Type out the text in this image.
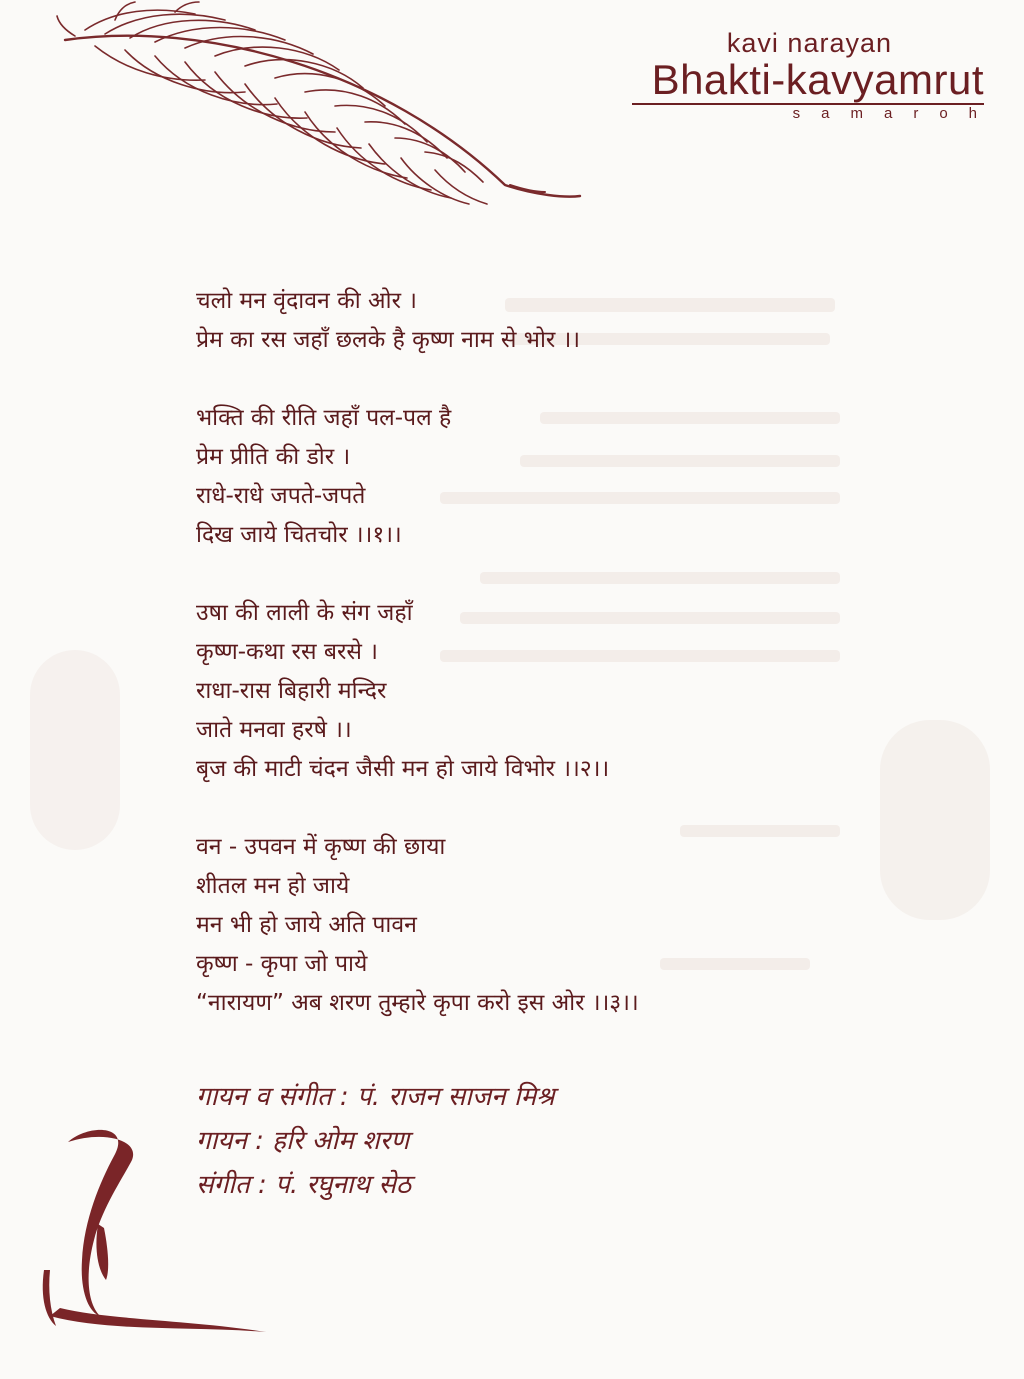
kavi narayan
Bhakti-kavyamrut
samaroh
चलो मन वृंदावन की ओर ।
प्रेम का रस जहाँ छलके है कृष्ण नाम से भोर ।।
भक्ति की रीति जहाँ पल-पल है
प्रेम प्रीति की डोर ।
राधे-राधे जपते-जपते
दिख जाये चितचोर ।।१।।
उषा की लाली के संग जहाँ
कृष्ण-कथा रस बरसे ।
राधा-रास बिहारी मन्दिर
जाते मनवा हरषे ।।
बृज की माटी चंदन जैसी मन हो जाये विभोर ।।२।।
वन - उपवन में कृष्ण की छाया
शीतल मन हो जाये
मन भी हो जाये अति पावन
कृष्ण - कृपा जो पाये
“नारायण” अब शरण तुम्हारे कृपा करो इस ओर ।।३।।
गायन व संगीत : पं. राजन साजन मिश्र
गायन : हरि ओम शरण
संगीत : पं. रघुनाथ सेठ
